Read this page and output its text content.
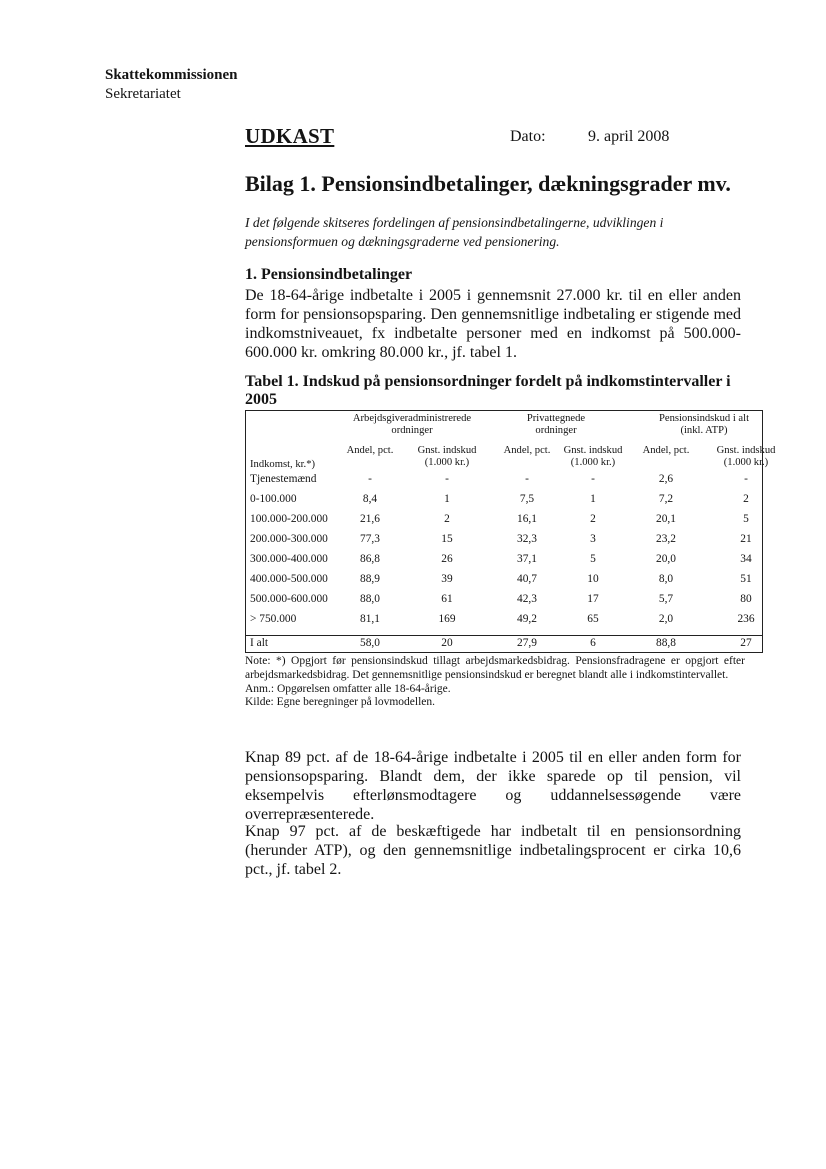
Skattekommissionen
Sekretariatet
UDKAST	Dato:	9. april 2008
Bilag 1. Pensionsindbetalinger, dækningsgrader mv.
I det følgende skitseres fordelingen af pensionsindbetalingerne, udviklingen i pensionsformuen og dækningsgraderne ved pensionering.
1. Pensionsindbetalinger
De 18-64-årige indbetalte i 2005 i gennemsnit 27.000 kr. til en eller anden form for pensionsopsparing. Den gennemsnitlige indbetaling er stigende med indkomstniveauet, fx indbetalte personer med en indkomst på 500.000-600.000 kr. omkring 80.000 kr., jf. tabel 1.
Tabel 1. Indskud på pensionsordninger fordelt på indkomstintervaller i 2005
Arbejdsgiveradministrerede
ordninger
Privattegnede
ordninger
Pensionsindskud i alt
(inkl. ATP)
Andel, pct. Gnst. indskud
(1.000 kr.)
Andel, pct. Gnst. indskud
(1.000 kr.)
Andel, pct.	Gnst. indskud
(1.000 kr.)
Indkomst, kr.*)
Tjenestemænd	-	-	-	-	2,6	-
0-100.000	8,4	1	7,5	1	7,2	2
100.000-200.000	21,6	2	16,1	2	20,1	5
200.000-300.000	77,3	15	32,3	3	23,2	21
300.000-400.000	86,8	26	37,1	5	20,0	34
400.000-500.000	88,9	39	40,7	10	8,0	51
500.000-600.000	88,0	61	42,3	17	5,7	80
> 750.000	81,1	169	49,2	65	2,0	236
I alt	58,0	20	27,9	6	88,8	27
Note: *) Opgjort før pensionsindskud tillagt arbejdsmarkedsbidrag. Pensionsfradragene er opgjort efter arbejdsmarkedsbidrag. Det gennemsnitlige pensionsindskud er beregnet blandt alle i indkomstintervallet.
Anm.: Opgørelsen omfatter alle 18-64-årige.
Kilde: Egne beregninger på lovmodellen.
Knap 89 pct. af de 18-64-årige indbetalte i 2005 til en eller anden form for pensionsopsparing. Blandt dem, der ikke sparede op til pension, vil eksempelvis efterlønsmodtagere og uddannelsessøgende være overrepræsenterede.
Knap 97 pct. af de beskæftigede har indbetalt til en pensionsordning (herunder ATP), og den gennemsnitlige indbetalingsprocent er cirka 10,6 pct., jf. tabel 2.
